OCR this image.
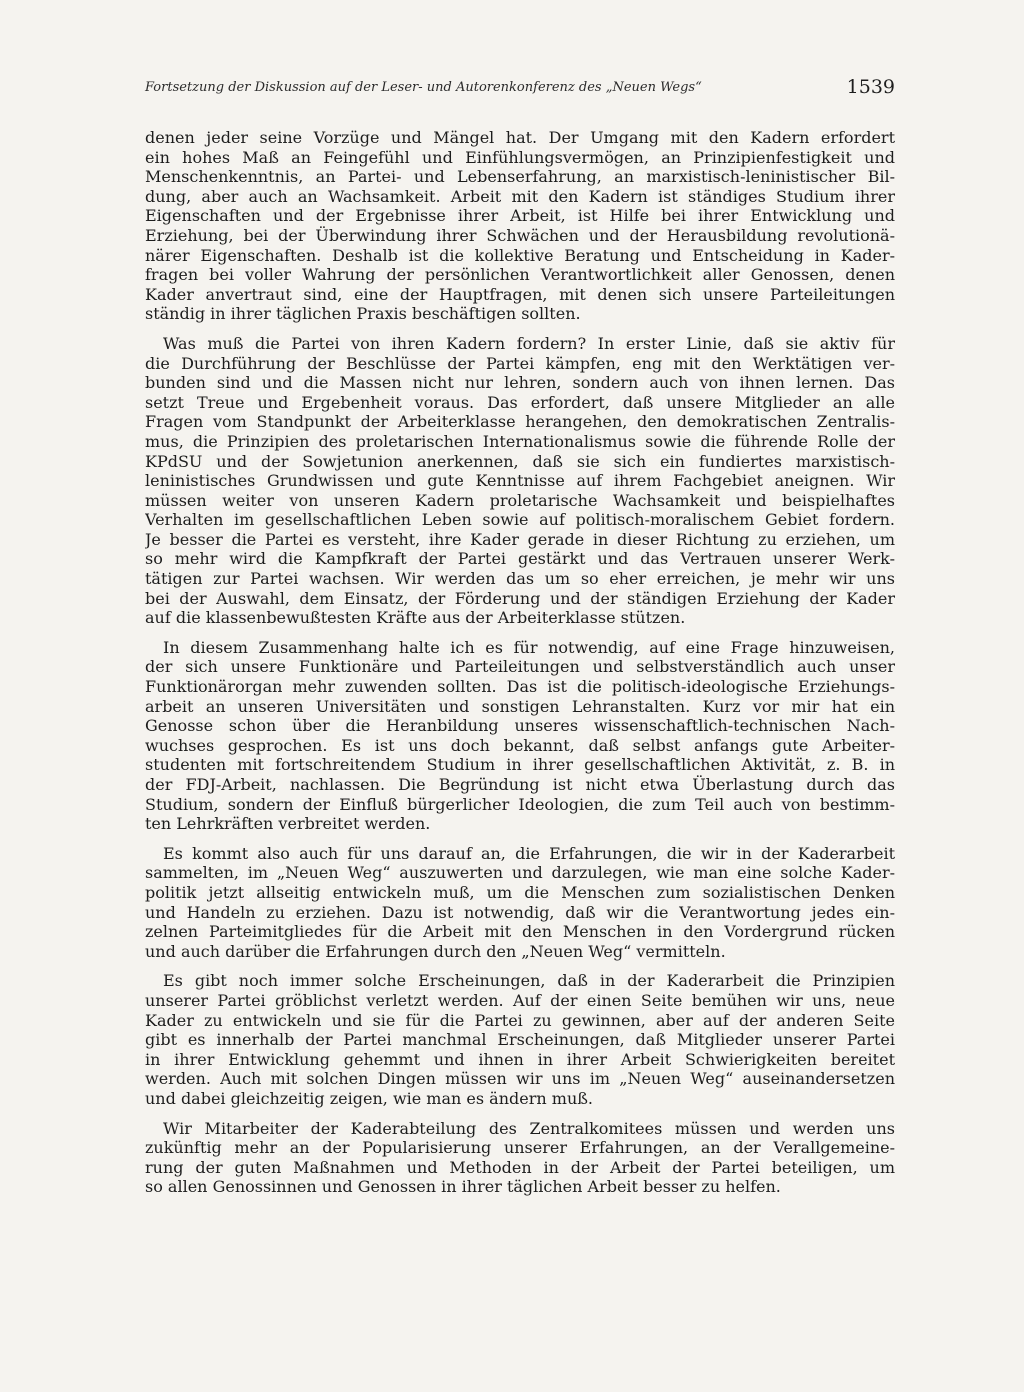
Fortsetzung der Diskussion auf der Leser- und Autorenkonferenz des „Neuen Wegs“	1539
denen jeder seine Vorzüge und Mängel hat. Der Umgang mit den Kadern erfordert
ein hohes Maß an Feingefühl und Einfühlungsvermögen, an Prinzipienfestigkeit und
Menschenkenntnis, an Partei- und Lebenserfahrung, an marxistisch-leninistischer Bil-
dung, aber auch an Wachsamkeit. Arbeit mit den Kadern ist ständiges Studium ihrer
Eigenschaften und der Ergebnisse ihrer Arbeit, ist Hilfe bei ihrer Entwicklung und
Erziehung, bei der Überwindung ihrer Schwächen und der Herausbildung revolutionä-
närer Eigenschaften. Deshalb ist die kollektive Beratung und Entscheidung in Kader-
fragen bei voller Wahrung der persönlichen Verantwortlichkeit aller Genossen, denen
Kader anvertraut sind, eine der Hauptfragen, mit denen sich unsere Parteileitungen
ständig in ihrer täglichen Praxis beschäftigen sollten.
Was muß die Partei von ihren Kadern fordern? In erster Linie, daß sie aktiv für
die Durchführung der Beschlüsse der Partei kämpfen, eng mit den Werktätigen ver-
bunden sind und die Massen nicht nur lehren, sondern auch von ihnen lernen. Das
setzt Treue und Ergebenheit voraus. Das erfordert, daß unsere Mitglieder an alle
Fragen vom Standpunkt der Arbeiterklasse herangehen, den demokratischen Zentralis-
mus, die Prinzipien des proletarischen Internationalismus sowie die führende Rolle der
KPdSU und der Sowjetunion anerkennen, daß sie sich ein fundiertes marxistisch-
leninistisches Grundwissen und gute Kenntnisse auf ihrem Fachgebiet aneignen. Wir
müssen weiter von unseren Kadern proletarische Wachsamkeit und beispielhaftes
Verhalten im gesellschaftlichen Leben sowie auf politisch-moralischem Gebiet fordern.
Je besser die Partei es versteht, ihre Kader gerade in dieser Richtung zu erziehen, um
so mehr wird die Kampfkraft der Partei gestärkt und das Vertrauen unserer Werk-
tätigen zur Partei wachsen. Wir werden das um so eher erreichen, je mehr wir uns
bei der Auswahl, dem Einsatz, der Förderung und der ständigen Erziehung der Kader
auf die klassenbewußtesten Kräfte aus der Arbeiterklasse stützen.
In diesem Zusammenhang halte ich es für notwendig, auf eine Frage hinzuweisen,
der sich unsere Funktionäre und Parteileitungen und selbstverständlich auch unser
Funktionärorgan mehr zuwenden sollten. Das ist die politisch-ideologische Erziehungs-
arbeit an unseren Universitäten und sonstigen Lehranstalten. Kurz vor mir hat ein
Genosse schon über die Heranbildung unseres wissenschaftlich-technischen Nach-
wuchses gesprochen. Es ist uns doch bekannt, daß selbst anfangs gute Arbeiter-
studenten mit fortschreitendem Studium in ihrer gesellschaftlichen Aktivität, z. B. in
der FDJ-Arbeit, nachlassen. Die Begründung ist nicht etwa Überlastung durch das
Studium, sondern der Einfluß bürgerlicher Ideologien, die zum Teil auch von bestimm-
ten Lehrkräften verbreitet werden.
Es kommt also auch für uns darauf an, die Erfahrungen, die wir in der Kaderarbeit
sammelten, im „Neuen Weg“ auszuwerten und darzulegen, wie man eine solche Kader-
politik jetzt allseitig entwickeln muß, um die Menschen zum sozialistischen Denken
und Handeln zu erziehen. Dazu ist notwendig, daß wir die Verantwortung jedes ein-
zelnen Parteimitgliedes für die Arbeit mit den Menschen in den Vordergrund rücken
und auch darüber die Erfahrungen durch den „Neuen Weg“ vermitteln.
Es gibt noch immer solche Erscheinungen, daß in der Kaderarbeit die Prinzipien
unserer Partei gröblichst verletzt werden. Auf der einen Seite bemühen wir uns, neue
Kader zu entwickeln und sie für die Partei zu gewinnen, aber auf der anderen Seite
gibt es innerhalb der Partei manchmal Erscheinungen, daß Mitglieder unserer Partei
in ihrer Entwicklung gehemmt und ihnen in ihrer Arbeit Schwierigkeiten bereitet
werden. Auch mit solchen Dingen müssen wir uns im „Neuen Weg“ auseinandersetzen
und dabei gleichzeitig zeigen, wie man es ändern muß.
Wir Mitarbeiter der Kaderabteilung des Zentralkomitees müssen und werden uns
zukünftig mehr an der Popularisierung unserer Erfahrungen, an der Verallgemeine-
rung der guten Maßnahmen und Methoden in der Arbeit der Partei beteiligen, um
so allen Genossinnen und Genossen in ihrer täglichen Arbeit besser zu helfen.
